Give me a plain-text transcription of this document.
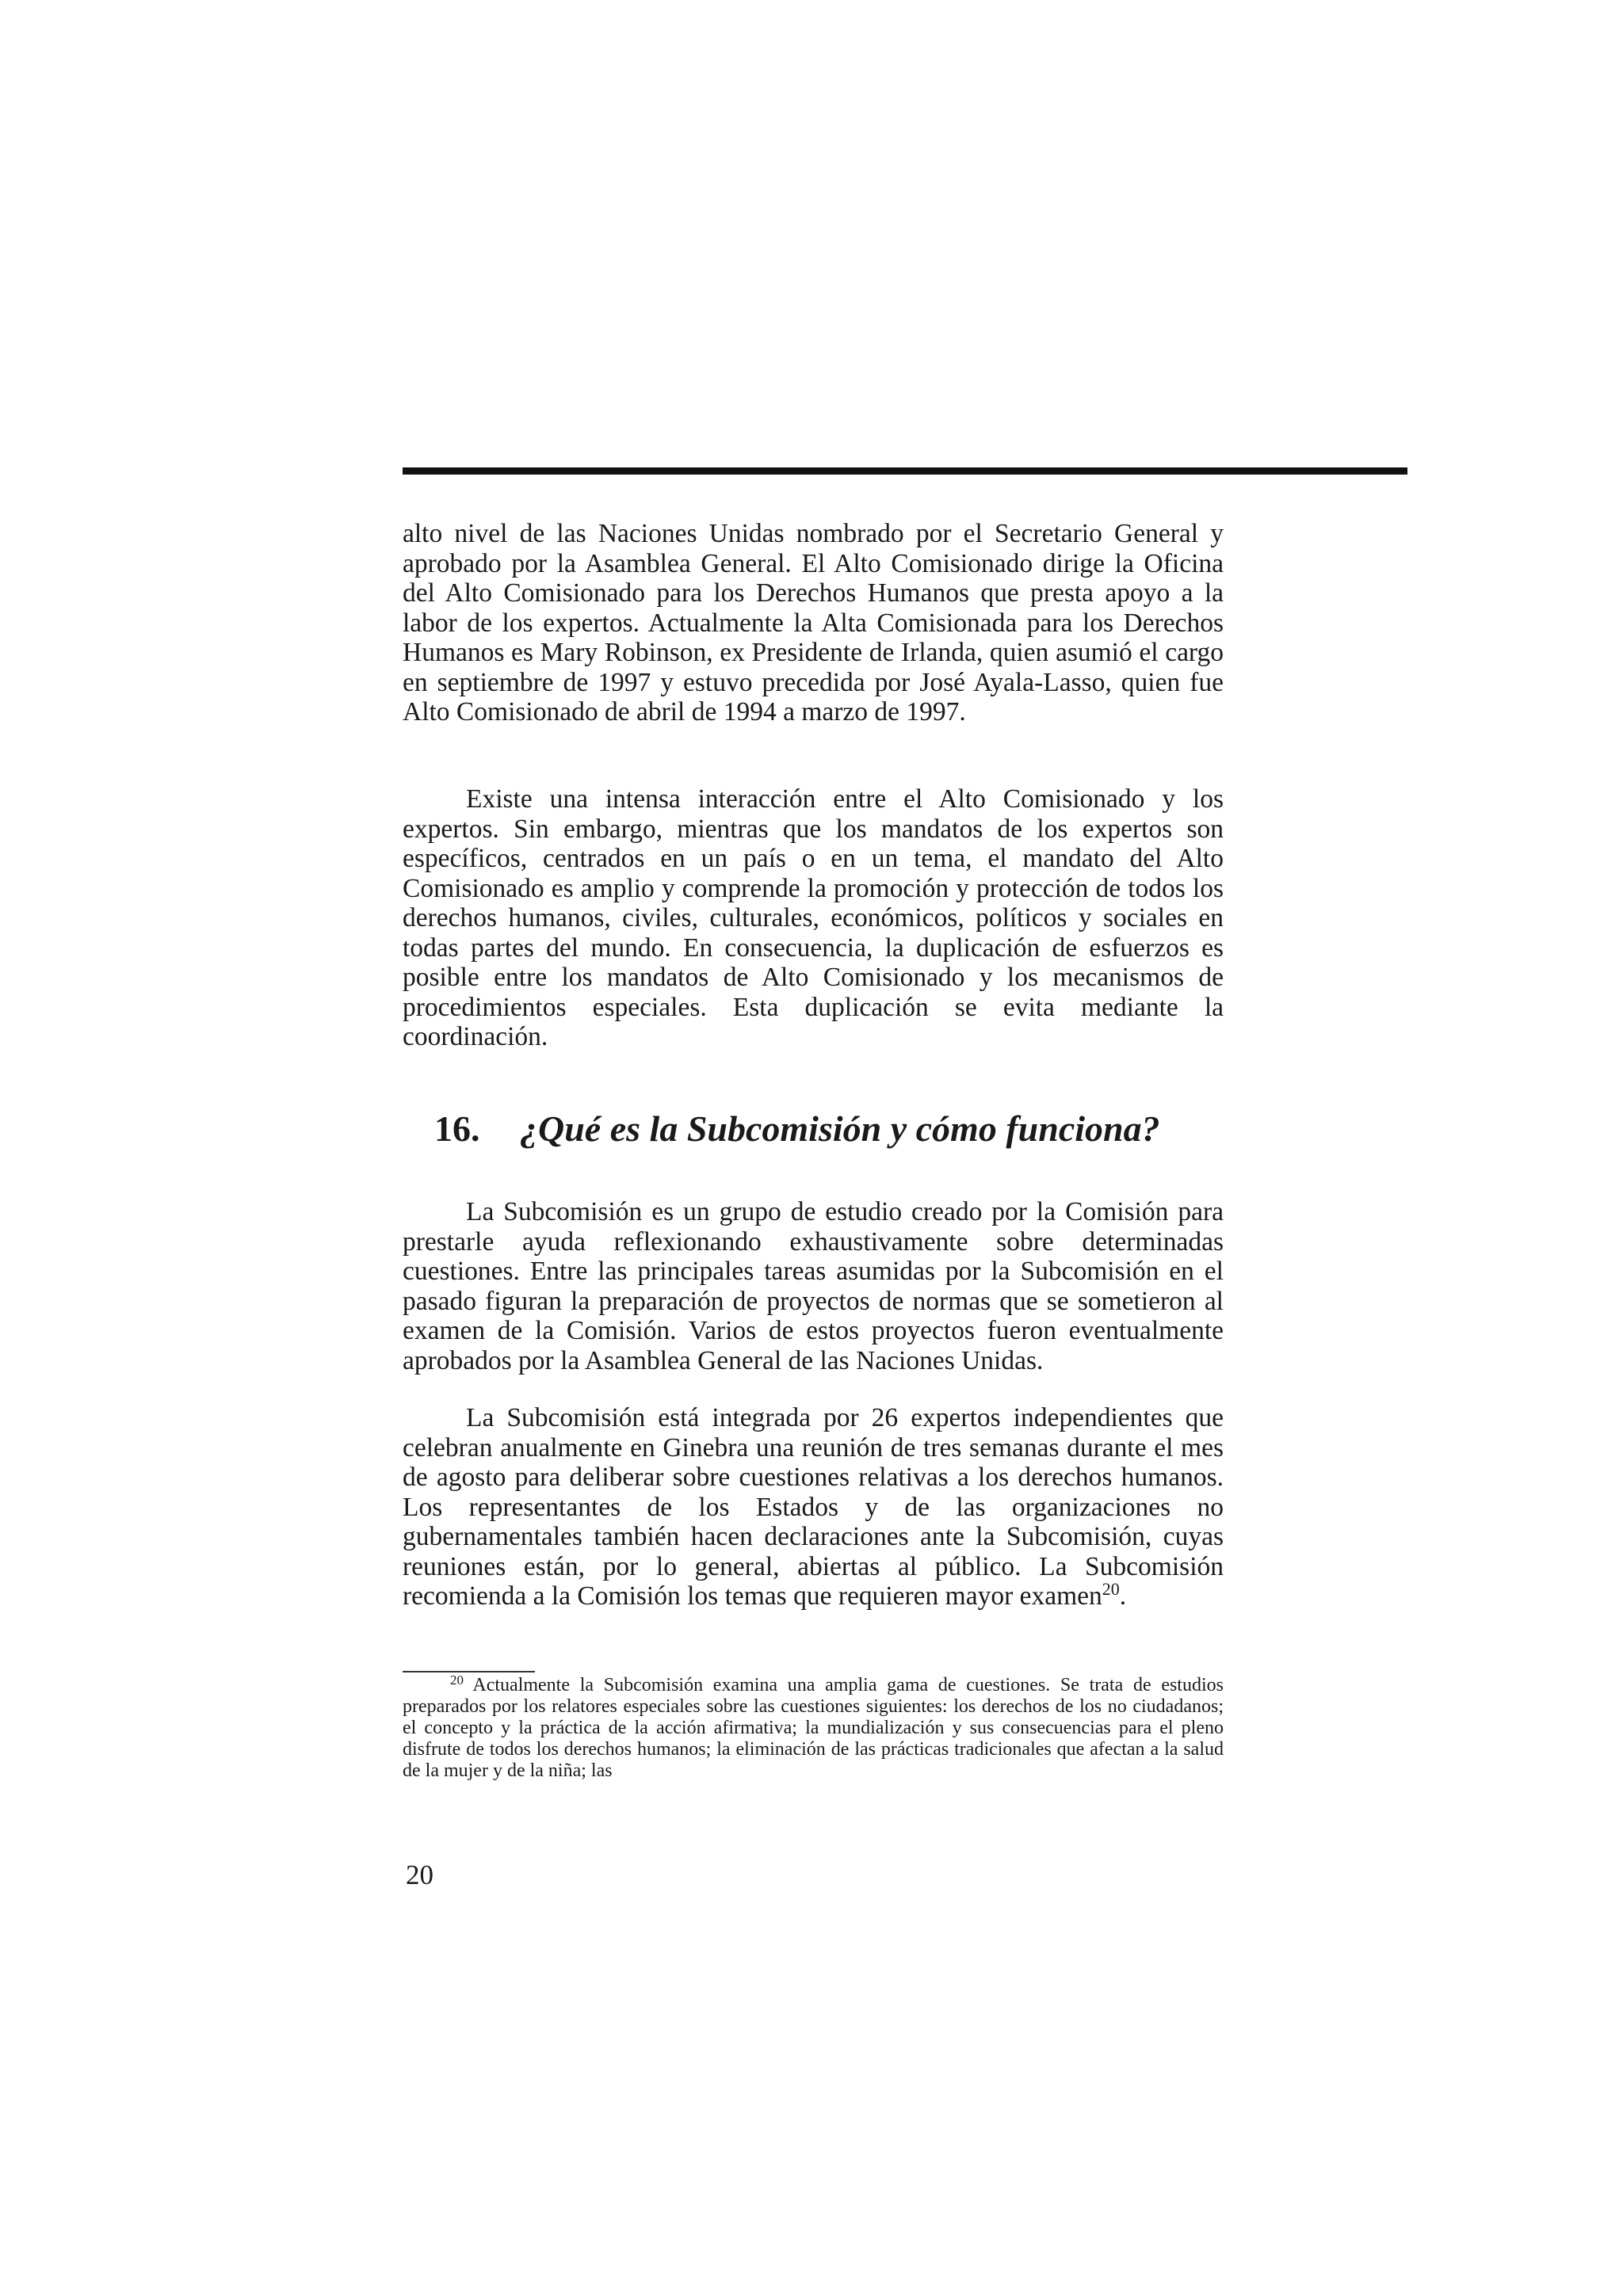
alto nivel de las Naciones Unidas nombrado por el Secretario General y aprobado por la Asamblea General. El Alto Comisionado dirige la Oficina del Alto Comisionado para los Derechos Humanos que presta apoyo a la labor de los expertos. Actualmente la Alta Comisionada para los Derechos Humanos es Mary Robinson, ex Presidente de Irlanda, quien asumió el cargo en septiembre de 1997 y estuvo precedida por José Ayala-Lasso, quien fue Alto Comisionado de abril de 1994 a marzo de 1997.

Existe una intensa interacción entre el Alto Comisionado y los expertos. Sin embargo, mientras que los mandatos de los expertos son específicos, centrados en un país o en un tema, el mandato del Alto Comisionado es amplio y comprende la promoción y protección de todos los derechos humanos, civiles, culturales, económicos, políticos y sociales en todas partes del mundo. En consecuencia, la duplicación de esfuerzos es posible entre los mandatos de Alto Comisionado y los mecanismos de procedimientos especiales. Esta duplicación se evita mediante la coordinación.

16. ¿Qué es la Subcomisión y cómo funciona?

La Subcomisión es un grupo de estudio creado por la Comisión para prestarle ayuda reflexionando exhaustivamente sobre determinadas cuestiones. Entre las principales tareas asumidas por la Subcomisión en el pasado figuran la preparación de proyectos de normas que se sometieron al examen de la Comisión. Varios de estos proyectos fueron eventualmente aprobados por la Asamblea General de las Naciones Unidas.

La Subcomisión está integrada por 26 expertos independientes que celebran anualmente en Ginebra una reunión de tres semanas durante el mes de agosto para deliberar sobre cuestiones relativas a los derechos humanos. Los representantes de los Estados y de las organizaciones no gubernamentales también hacen declaraciones ante la Subcomisión, cuyas reuniones están, por lo general, abiertas al público. La Subcomisión recomienda a la Comisión los temas que requieren mayor examen$^{20}$.

$^{20}$ Actualmente la Subcomisión examina una amplia gama de cuestiones. Se trata de estudios preparados por los relatores especiales sobre las cuestiones siguientes: los derechos de los no ciudadanos; el concepto y la práctica de la acción afirmativa; la mundialización y sus consecuencias para el pleno disfrute de todos los derechos humanos; la eliminación de las prácticas tradicionales que afectan a la salud de la mujer y de la niña; las

20
